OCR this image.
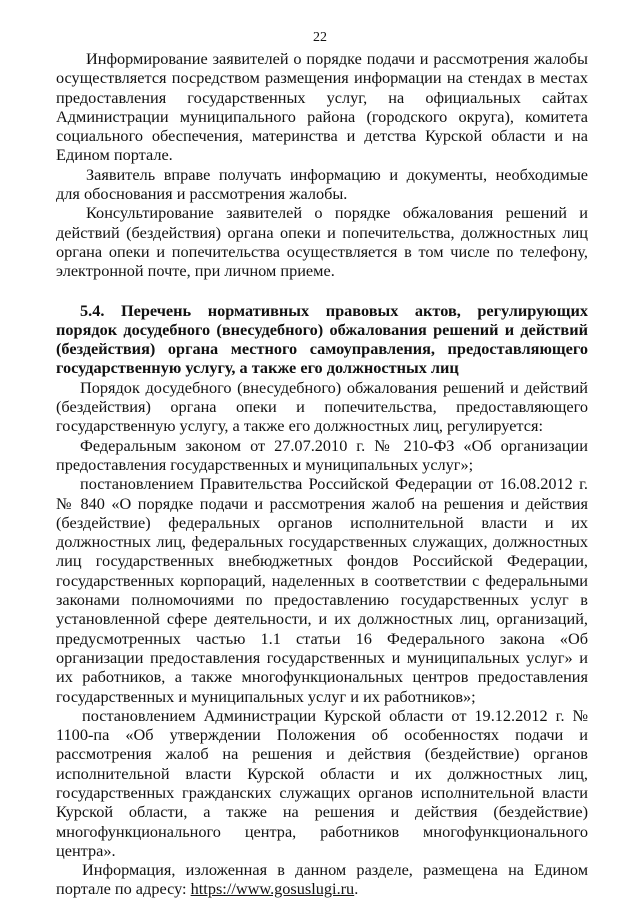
22

Информирование заявителей о порядке подачи и рассмотрения жалобы осуществляется посредством размещения информации на стендах в местах предоставления государственных услуг, на официальных сайтах Администрации муниципального района (городского округа), комитета социального обеспечения, материнства и детства Курской области и на Едином портале.

Заявитель вправе получать информацию и документы, необходимые для обоснования и рассмотрения жалобы.

Консультирование заявителей о порядке обжалования решений и действий (бездействия) органа опеки и попечительства, должностных лиц органа опеки и попечительства осуществляется в том числе по телефону, электронной почте, при личном приеме.

5.4. Перечень нормативных правовых актов, регулирующих порядок досудебного (внесудебного) обжалования решений и действий (бездействия) органа местного самоуправления, предоставляющего государственную услугу, а также его должностных лиц

Порядок досудебного (внесудебного) обжалования решений и действий (бездействия) органа опеки и попечительства, предоставляющего государственную услугу, а также его должностных лиц, регулируется:

Федеральным законом от 27.07.2010 г. № 210-ФЗ «Об организации предоставления государственных и муниципальных услуг»;

постановлением Правительства Российской Федерации от 16.08.2012 г. № 840 «О порядке подачи и рассмотрения жалоб на решения и действия (бездействие) федеральных органов исполнительной власти и их должностных лиц, федеральных государственных служащих, должностных лиц государственных внебюджетных фондов Российской Федерации, государственных корпораций, наделенных в соответствии с федеральными законами полномочиями по предоставлению государственных услуг в установленной сфере деятельности, и их должностных лиц, организаций, предусмотренных частью 1.1 статьи 16 Федерального закона «Об организации предоставления государственных и муниципальных услуг» и их работников, а также многофункциональных центров предоставления государственных и муниципальных услуг и их работников»;

постановлением Администрации Курской области от 19.12.2012 г. № 1100-па «Об утверждении Положения об особенностях подачи и рассмотрения жалоб на решения и действия (бездействие) органов исполнительной власти Курской области и их должностных лиц, государственных гражданских служащих органов исполнительной власти Курской области, а также на решения и действия (бездействие) многофункционального центра, работников многофункционального центра».

Информация, изложенная в данном разделе, размещена на Едином портале по адресу: https://www.gosuslugi.ru.
